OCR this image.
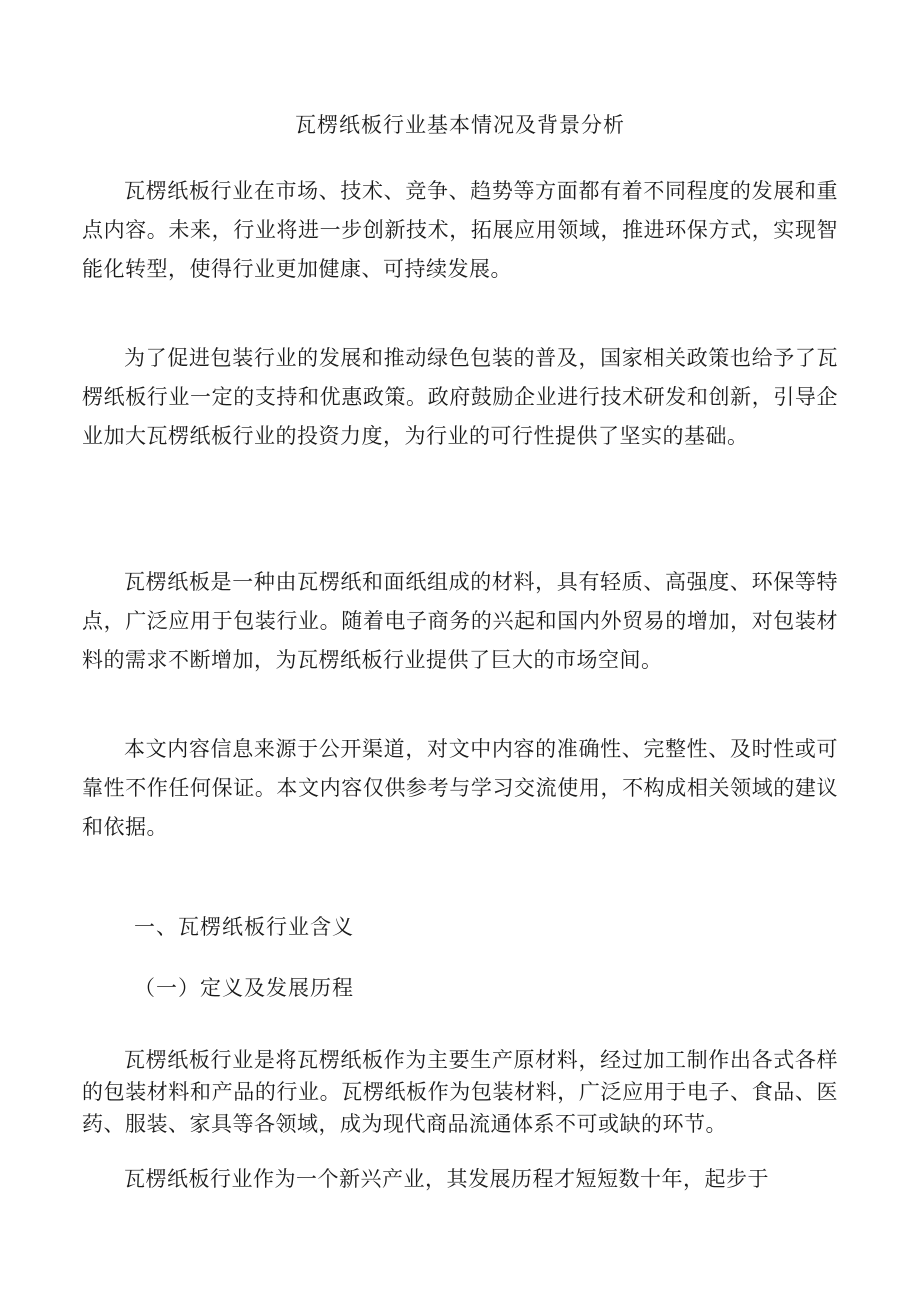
瓦楞纸板行业基本情况及背景分析
瓦楞纸板行业在市场、技术、竞争、趋势等方面都有着不同程度的发展和重点内容。未来，行业将进一步创新技术，拓展应用领域，推进环保方式，实现智能化转型，使得行业更加健康、可持续发展。
为了促进包装行业的发展和推动绿色包装的普及，国家相关政策也给予了瓦楞纸板行业一定的支持和优惠政策。政府鼓励企业进行技术研发和创新，引导企业加大瓦楞纸板行业的投资力度，为行业的可行性提供了坚实的基础。
瓦楞纸板是一种由瓦楞纸和面纸组成的材料，具有轻质、高强度、环保等特点，广泛应用于包装行业。随着电子商务的兴起和国内外贸易的增加，对包装材料的需求不断增加，为瓦楞纸板行业提供了巨大的市场空间。
本文内容信息来源于公开渠道，对文中内容的准确性、完整性、及时性或可靠性不作任何保证。本文内容仅供参考与学习交流使用，不构成相关领域的建议和依据。
一、瓦楞纸板行业含义
（一）定义及发展历程
瓦楞纸板行业是将瓦楞纸板作为主要生产原材料，经过加工制作出各式各样的包装材料和产品的行业。瓦楞纸板作为包装材料，广泛应用于电子、食品、医药、服装、家具等各领域，成为现代商品流通体系不可或缺的环节。
瓦楞纸板行业作为一个新兴产业，其发展历程才短短数十年，起步于
